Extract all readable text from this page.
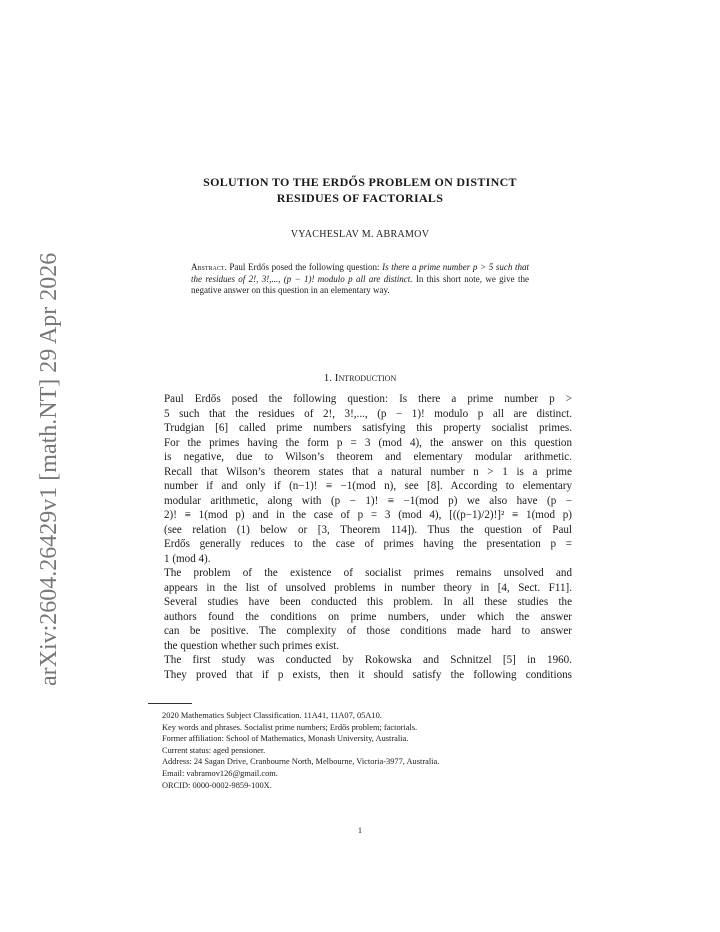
arXiv:2604.26429v1 [math.NT] 29 Apr 2026
SOLUTION TO THE ERDŐS PROBLEM ON DISTINCT
RESIDUES OF FACTORIALS
VYACHESLAV M. ABRAMOV
Abstract. Paul Erdős posed the following question: Is there a prime number p > 5 such that the residues of 2!, 3!,..., (p − 1)! modulo p all are distinct. In this short note, we give the negative answer on this question in an elementary way.
1. Introduction

Paul Erdős posed the following question: Is there a prime number p >
5 such that the residues of 2!, 3!,..., (p − 1)! modulo p all are distinct.
Trudgian [6] called prime numbers satisfying this property socialist primes.
For the primes having the form p = 3 (mod 4), the answer on this question
is negative, due to Wilson’s theorem and elementary modular arithmetic.
Recall that Wilson’s theorem states that a natural number n > 1 is a prime
number if and only if (n−1)! ≡ −1(mod n), see [8]. According to elementary
modular arithmetic, along with (p − 1)! ≡ −1(mod p) we also have (p −
2)! ≡ 1(mod p) and in the case of p = 3 (mod 4), [((p−1)/2)!]² ≡ 1(mod p)
(see relation (1) below or [3, Theorem 114]). Thus the question of Paul
Erdős generally reduces to the case of primes having the presentation p =
1 (mod 4).

The problem of the existence of socialist primes remains unsolved and
appears in the list of unsolved problems in number theory in [4, Sect. F11].
Several studies have been conducted this problem. In all these studies the
authors found the conditions on prime numbers, under which the answer
can be positive. The complexity of those conditions made hard to answer
the question whether such primes exist.

The first study was conducted by Rokowska and Schnitzel [5] in 1960.
They proved that if p exists, then it should satisfy the following conditions

2020 Mathematics Subject Classification. 11A41, 11A07, 05A10.
Key words and phrases. Socialist prime numbers; Erdős problem; factorials.
Former affiliation: School of Mathematics, Monash University, Australia.
Current status: aged pensioner.
Address: 24 Sagan Drive, Cranbourne North, Melbourne, Victoria-3977, Australia.
Email: vabramov126@gmail.com.
ORCID: 0000-0002-9859-100X.
1
